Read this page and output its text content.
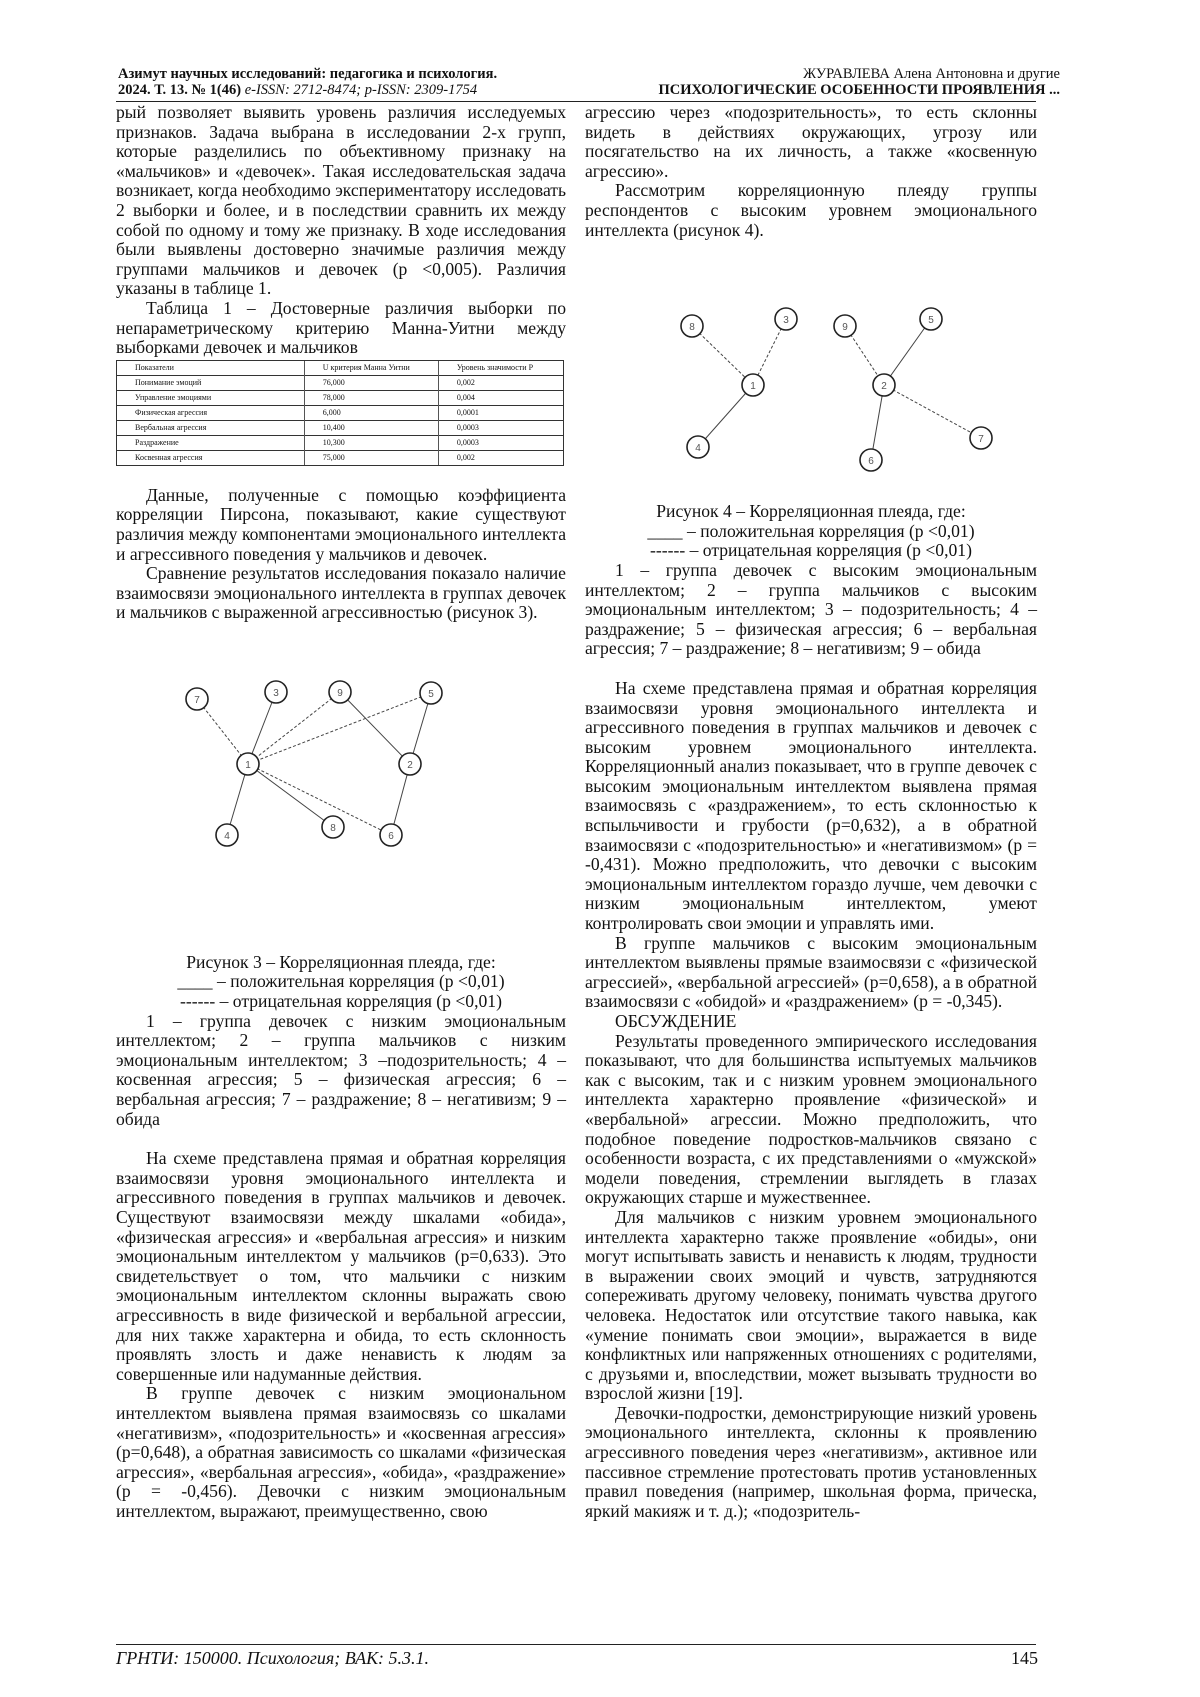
Азимут научных исследований: педагогика и психология.
2024. Т. 13. № 1(46) e-ISSN: 2712-8474; p-ISSN: 2309-1754
ЖУРАВЛЕВА Алена Антоновна и другие
ПСИХОЛОГИЧЕСКИЕ ОСОБЕННОСТИ ПРОЯВЛЕНИЯ ...

рый позволяет выявить уровень различия исследуемых признаков. Задача выбрана в исследовании 2-х групп, которые разделились по объективному признаку на «мальчиков» и «девочек». Такая исследовательская задача возникает, когда необходимо экспериментатору исследовать 2 выборки и более, и в последствии сравнить их между собой по одному и тому же признаку. В ходе исследования были выявлены достоверно значимые различия между группами мальчиков и девочек (р <0,005). Различия указаны в таблице 1.

Таблица 1 – Достоверные различия выборки по непараметрическому критерию Манна-Уитни между выборками девочек и мальчиков

Показатели	U критерия Манна Уитни	Уровень значимости P
Понимание эмоций	76,000	0,002
Управление эмоциями	78,000	0,004
Физическая агрессия	6,000	0,0001
Вербальная агрессия	10,400	0,0003
Раздражение	10,300	0,0003
Косвенная агрессия	75,000	0,002

Данные, полученные с помощью коэффициента корреляции Пирсона, показывают, какие существуют различия между компонентами эмоционального интеллекта и агрессивного поведения у мальчиков и девочек.

Сравнение результатов исследования показало наличие взаимосвязи эмоционального интеллекта в группах девочек и мальчиков с выраженной агрессивностью (рисунок 3).

1	2
3
4
5
6
7
8
9
Рисунок 3 – Корреляционная плеяда, где:
____ – положительная корреляция (р <0,01)
------ – отрицательная корреляция (р <0,01)

1 – группа девочек с низким эмоциональным интеллектом; 2 – группа мальчиков с низким эмоциональным интеллектом; 3 –подозрительность; 4 – косвенная агрессия; 5 – физическая агрессия; 6 – вербальная агрессия; 7 – раздражение; 8 – негативизм; 9 – обида

На схеме представлена прямая и обратная корреляция взаимосвязи уровня эмоционального интеллекта и агрессивного поведения в группах мальчиков и девочек. Существуют взаимосвязи между шкалами «обида», «физическая агрессия» и «вербальная агрессия» и низким эмоциональным интеллектом у мальчиков (р=0,633). Это свидетельствует о том, что мальчики с низким эмоциональным интеллектом склонны выражать свою агрессивность в виде физической и вербальной агрессии, для них также характерна и обида, то есть склонность проявлять злость и даже ненависть к людям за совершенные или надуманные действия.

В группе девочек с низким эмоциональном интеллектом выявлена прямая взаимосвязь со шкалами «негативизм», «подозрительность» и «косвенная агрессия» (р=0,648), а обратная зависимость со шкалами «физическая агрессия», «вербальная агрессия», «обида», «раздражение» (р = -0,456). Девочки с низким эмоциональным интеллектом, выражают, преимущественно, свою

агрессию через «подозрительность», то есть склонны видеть в действиях окружающих, угрозу или посягательство на их личность, а также «косвенную агрессию».

Рассмотрим корреляционную плеяду группы респондентов с высоким уровнем эмоционального интеллекта (рисунок 4).

1	2
3
4
5
6
7
8	9
Рисунок 4 – Корреляционная плеяда, где:
____ – положительная корреляция (р <0,01)
------ – отрицательная корреляция (р <0,01)

1 – группа девочек с высоким эмоциональным интеллектом; 2 – группа мальчиков с высоким эмоциональным интеллектом; 3 – подозрительность; 4 – раздражение; 5 – физическая агрессия; 6 – вербальная агрессия; 7 – раздражение; 8 – негативизм; 9 – обида

На схеме представлена прямая и обратная корреляция взаимосвязи уровня эмоционального интеллекта и агрессивного поведения в группах мальчиков и девочек с высоким уровнем эмоционального интеллекта. Корреляционный анализ показывает, что в группе девочек с высоким эмоциональным интеллектом выявлена прямая взаимосвязь с «раздражением», то есть склонностью к вспыльчивости и грубости (р=0,632), а в обратной взаимосвязи с «подозрительностью» и «негативизмом» (р = -0,431). Можно предположить, что девочки с высоким эмоциональным интеллектом гораздо лучше, чем девочки с низким эмоциональным интеллектом, умеют контролировать свои эмоции и управлять ими.

В группе мальчиков с высоким эмоциональным интеллектом выявлены прямые взаимосвязи с «физической агрессией», «вербальной агрессией» (р=0,658), а в обратной взаимосвязи с «обидой» и «раздражением» (р = -0,345).

ОБСУЖДЕНИЕ

Результаты проведенного эмпирического исследования показывают, что для большинства испытуемых мальчиков как с высоким, так и с низким уровнем эмоционального интеллекта характерно проявление «физической» и «вербальной» агрессии. Можно предположить, что подобное поведение подростков-мальчиков связано с особенности возраста, с их представлениями о «мужской» модели поведения, стремлении выглядеть в глазах окружающих старше и мужественнее.

Для мальчиков с низким уровнем эмоционального интеллекта характерно также проявление «обиды», они могут испытывать зависть и ненависть к людям, трудности в выражении своих эмоций и чувств, затрудняются сопереживать другому человеку, понимать чувства другого человека. Недостаток или отсутствие такого навыка, как «умение понимать свои эмоции», выражается в виде конфликтных или напряженных отношениях с родителями, с друзьями и, впоследствии, может вызывать трудности во взрослой жизни [19].

Девочки-подростки, демонстрирующие низкий уровень эмоционального интеллекта, склонны к проявлению агрессивного поведения через «негативизм», активное или пассивное стремление протестовать против установленных правил поведения (например, школьная форма, прическа, яркий макияж и т. д.); «подозритель-

ГРНТИ: 150000. Психология; ВАК: 5.3.1.	145
